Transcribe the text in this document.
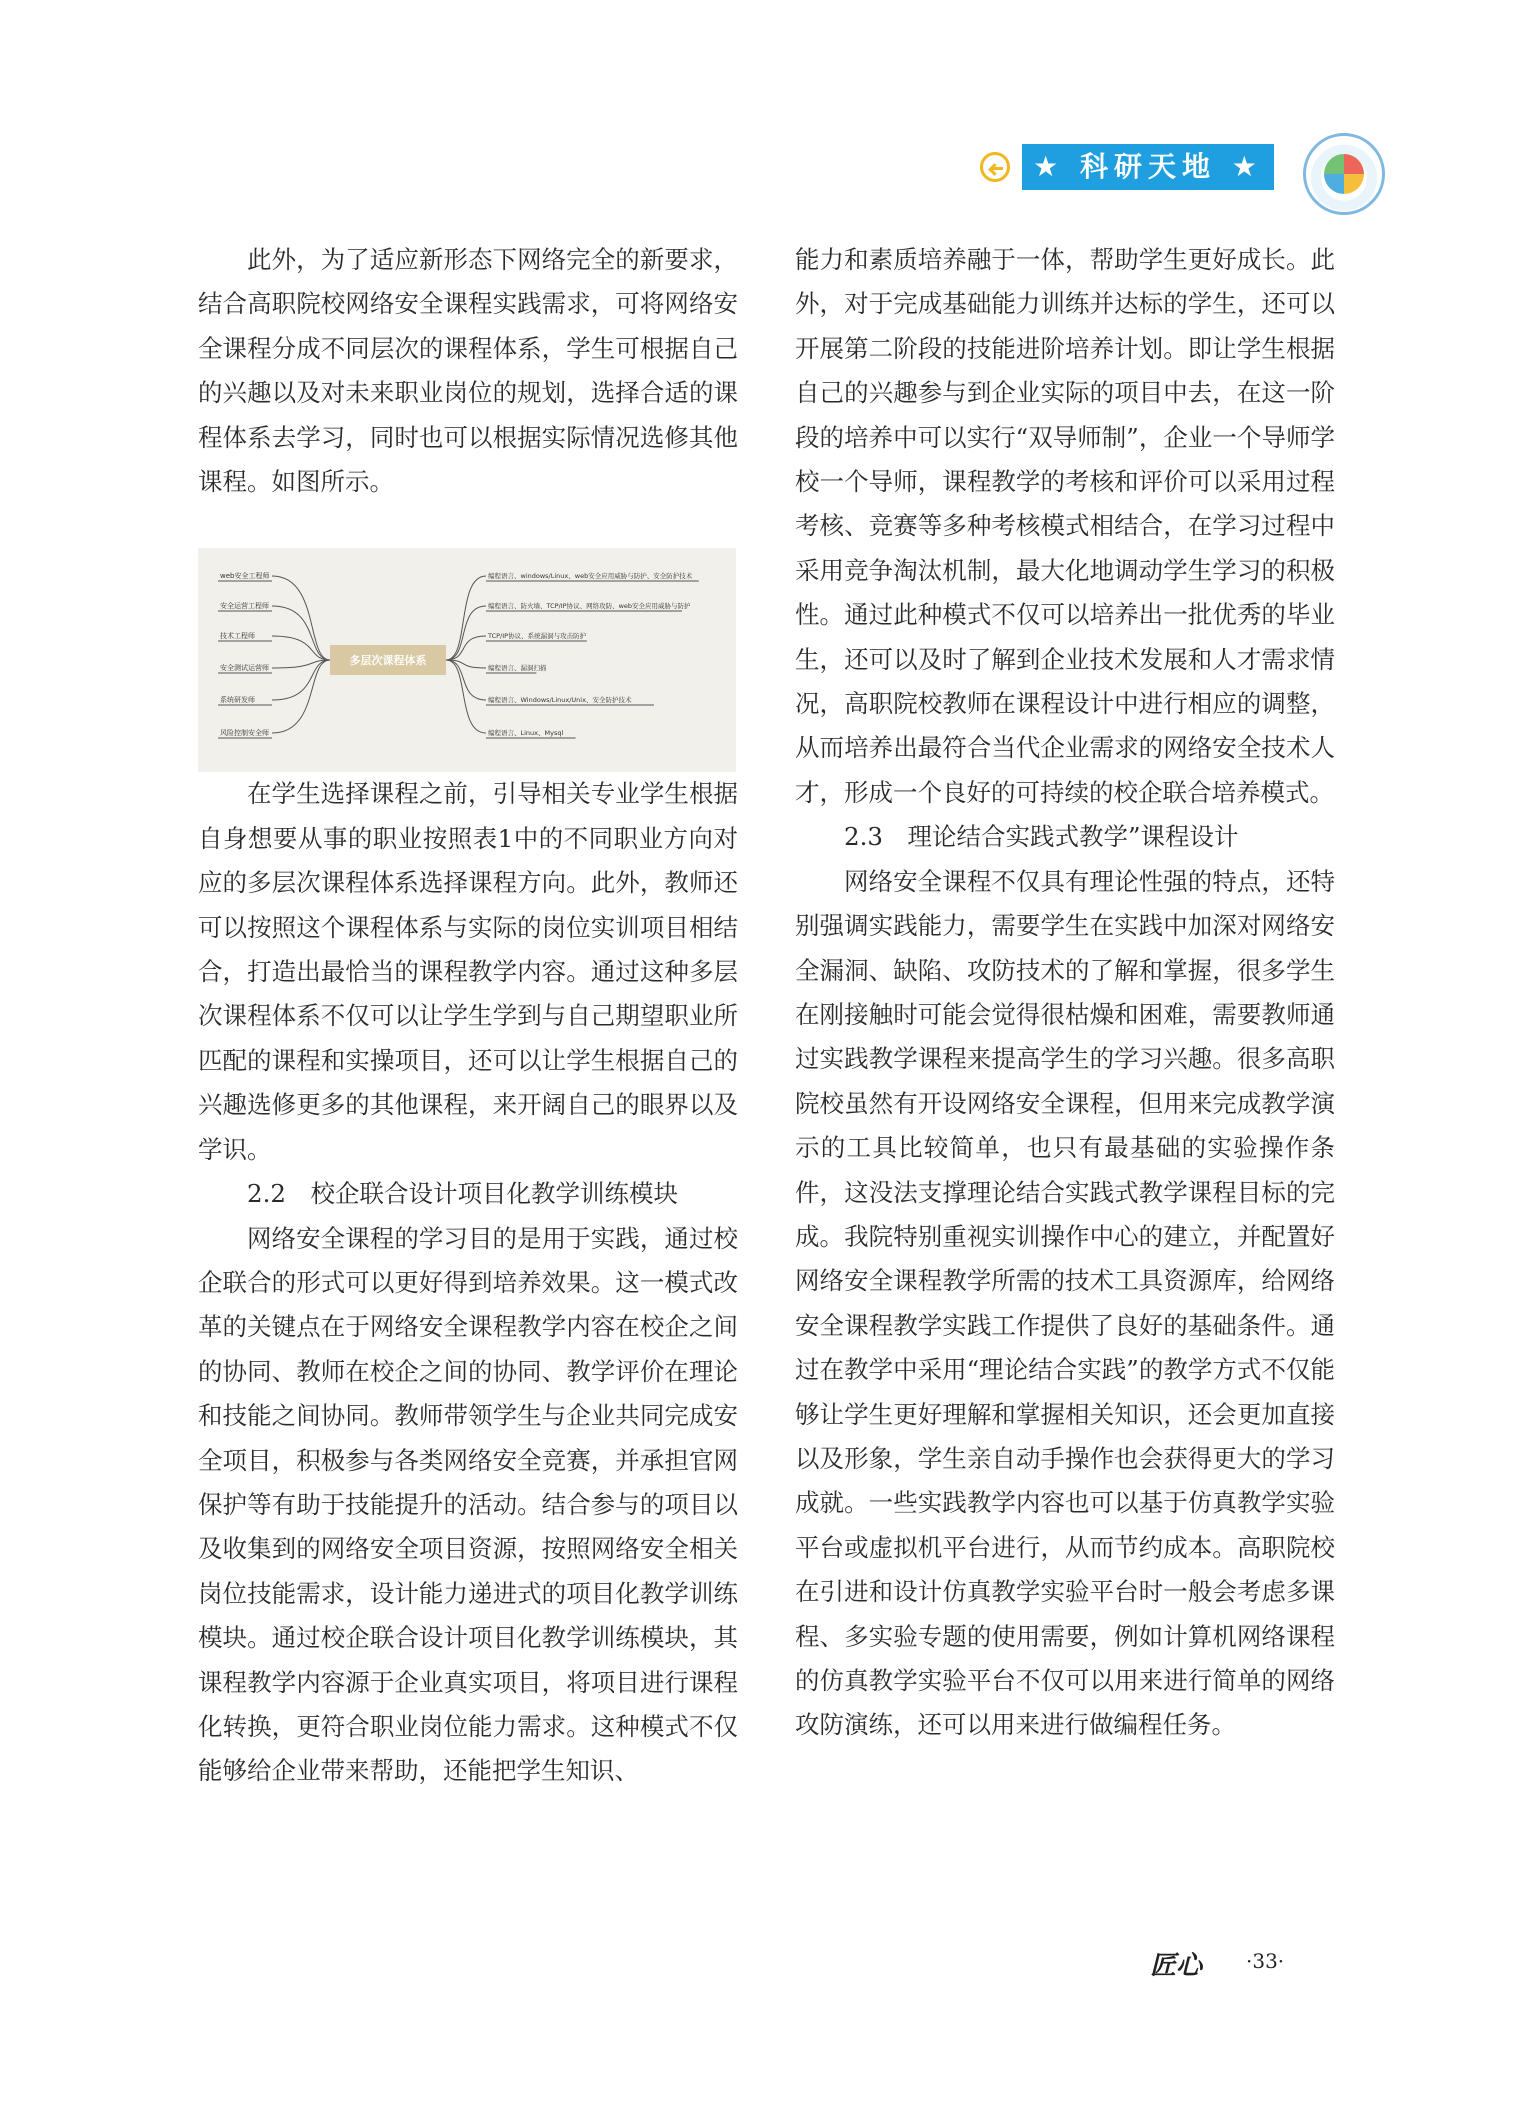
★ 科研天地 ★

此外，为了适应新形态下网络完全的新要求，结合高职院校网络安全课程实践需求，可将网络安全课程分成不同层次的课程体系，学生可根据自己的兴趣以及对未来职业岗位的规划，选择合适的课程体系去学习，同时也可以根据实际情况选修其他课程。如图所示。

在学生选择课程之前，引导相关专业学生根据自身想要从事的职业按照表1中的不同职业方向对应的多层次课程体系选择课程方向。此外，教师还可以按照这个课程体系与实际的岗位实训项目相结合，打造出最恰当的课程教学内容。通过这种多层次课程体系不仅可以让学生学到与自己期望职业所匹配的课程和实操项目，还可以让学生根据自己的兴趣选修更多的其他课程，来开阔自己的眼界以及学识。

2.2　校企联合设计项目化教学训练模块

网络安全课程的学习目的是用于实践，通过校企联合的形式可以更好得到培养效果。这一模式改革的关键点在于网络安全课程教学内容在校企之间的协同、教师在校企之间的协同、教学评价在理论和技能之间协同。教师带领学生与企业共同完成安全项目，积极参与各类网络安全竞赛，并承担官网保护等有助于技能提升的活动。结合参与的项目以及收集到的网络安全项目资源，按照网络安全相关岗位技能需求，设计能力递进式的项目化教学训练模块。通过校企联合设计项目化教学训练模块，其课程教学内容源于企业真实项目，将项目进行课程化转换，更符合职业岗位能力需求。这种模式不仅能够给企业带来帮助，还能把学生知识、

web安全工程师
安全运营工程师
技术工程师
安全测试运营师
系统研发师
风险控制安全师
编程语言、windows/Linux、web安全应用威胁与防护、安全防护技术
编程语言、防火墙、TCP/IP协议、网络攻防、web安全应用威胁与防护
TCP/IP协议、系统漏洞与攻击防护
编程语言、漏洞扫描
编程语言、Windows/Linux/Unix、安全防护技术
编程语言、Linux、Mysql
多层次课程体系

能力和素质培养融于一体，帮助学生更好成长。此外，对于完成基础能力训练并达标的学生，还可以开展第二阶段的技能进阶培养计划。即让学生根据自己的兴趣参与到企业实际的项目中去，在这一阶段的培养中可以实行“双导师制”，企业一个导师学校一个导师，课程教学的考核和评价可以采用过程考核、竞赛等多种考核模式相结合，在学习过程中采用竞争淘汰机制，最大化地调动学生学习的积极性。通过此种模式不仅可以培养出一批优秀的毕业生，还可以及时了解到企业技术发展和人才需求情况，高职院校教师在课程设计中进行相应的调整，从而培养出最符合当代企业需求的网络安全技术人才，形成一个良好的可持续的校企联合培养模式。

2.3　理论结合实践式教学”课程设计

网络安全课程不仅具有理论性强的特点，还特别强调实践能力，需要学生在实践中加深对网络安全漏洞、缺陷、攻防技术的了解和掌握，很多学生在刚接触时可能会觉得很枯燥和困难，需要教师通过实践教学课程来提高学生的学习兴趣。很多高职院校虽然有开设网络安全课程，但用来完成教学演示的工具比较简单，也只有最基础的实验操作条件，这没法支撑理论结合实践式教学课程目标的完成。我院特别重视实训操作中心的建立，并配置好网络安全课程教学所需的技术工具资源库，给网络安全课程教学实践工作提供了良好的基础条件。通过在教学中采用“理论结合实践”的教学方式不仅能够让学生更好理解和掌握相关知识，还会更加直接以及形象，学生亲自动手操作也会获得更大的学习成就。一些实践教学内容也可以基于仿真教学实验平台或虚拟机平台进行，从而节约成本。高职院校在引进和设计仿真教学实验平台时一般会考虑多课程、多实验专题的使用需要，例如计算机网络课程的仿真教学实验平台不仅可以用来进行简单的网络攻防演练，还可以用来进行做编程任务。

匠心 ·33·
